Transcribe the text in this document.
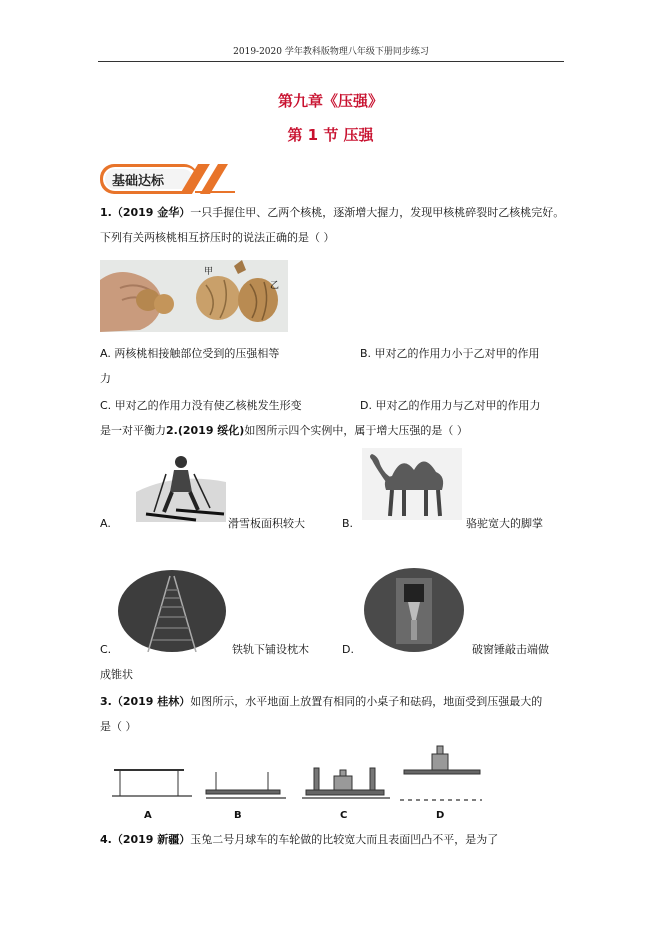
2019-2020 学年教科版物理八年级下册同步练习
第九章《压强》
第 1 节 压强
基础达标
1.（2019 金华）一只手握住甲、乙两个核桃，逐渐增大握力，发现甲核桃碎裂时乙核桃完好。
下列有关两核桃相互挤压时的说法正确的是（ ）
甲
乙
A. 两核桃相接触部位受到的压强相等	B. 甲对乙的作用力小于乙对甲的作用
力
C. 甲对乙的作用力没有使乙核桃发生形变	D. 甲对乙的作用力与乙对甲的作用力
是一对平衡力2.(2019 绥化)如图所示四个实例中，属于增大压强的是（ ）
A.	滑雪板面积较大	B.	骆驼宽大的脚掌
C.	铁轨下铺设枕木	D.	破窗锤敲击端做
成锥状
3.（2019 桂林）如图所示，水平地面上放置有相同的小桌子和砝码，地面受到压强最大的
是（ ）
A	B	C	D
4.（2019 新疆）玉兔二号月球车的车轮做的比较宽大而且表面凹凸不平，是为了
